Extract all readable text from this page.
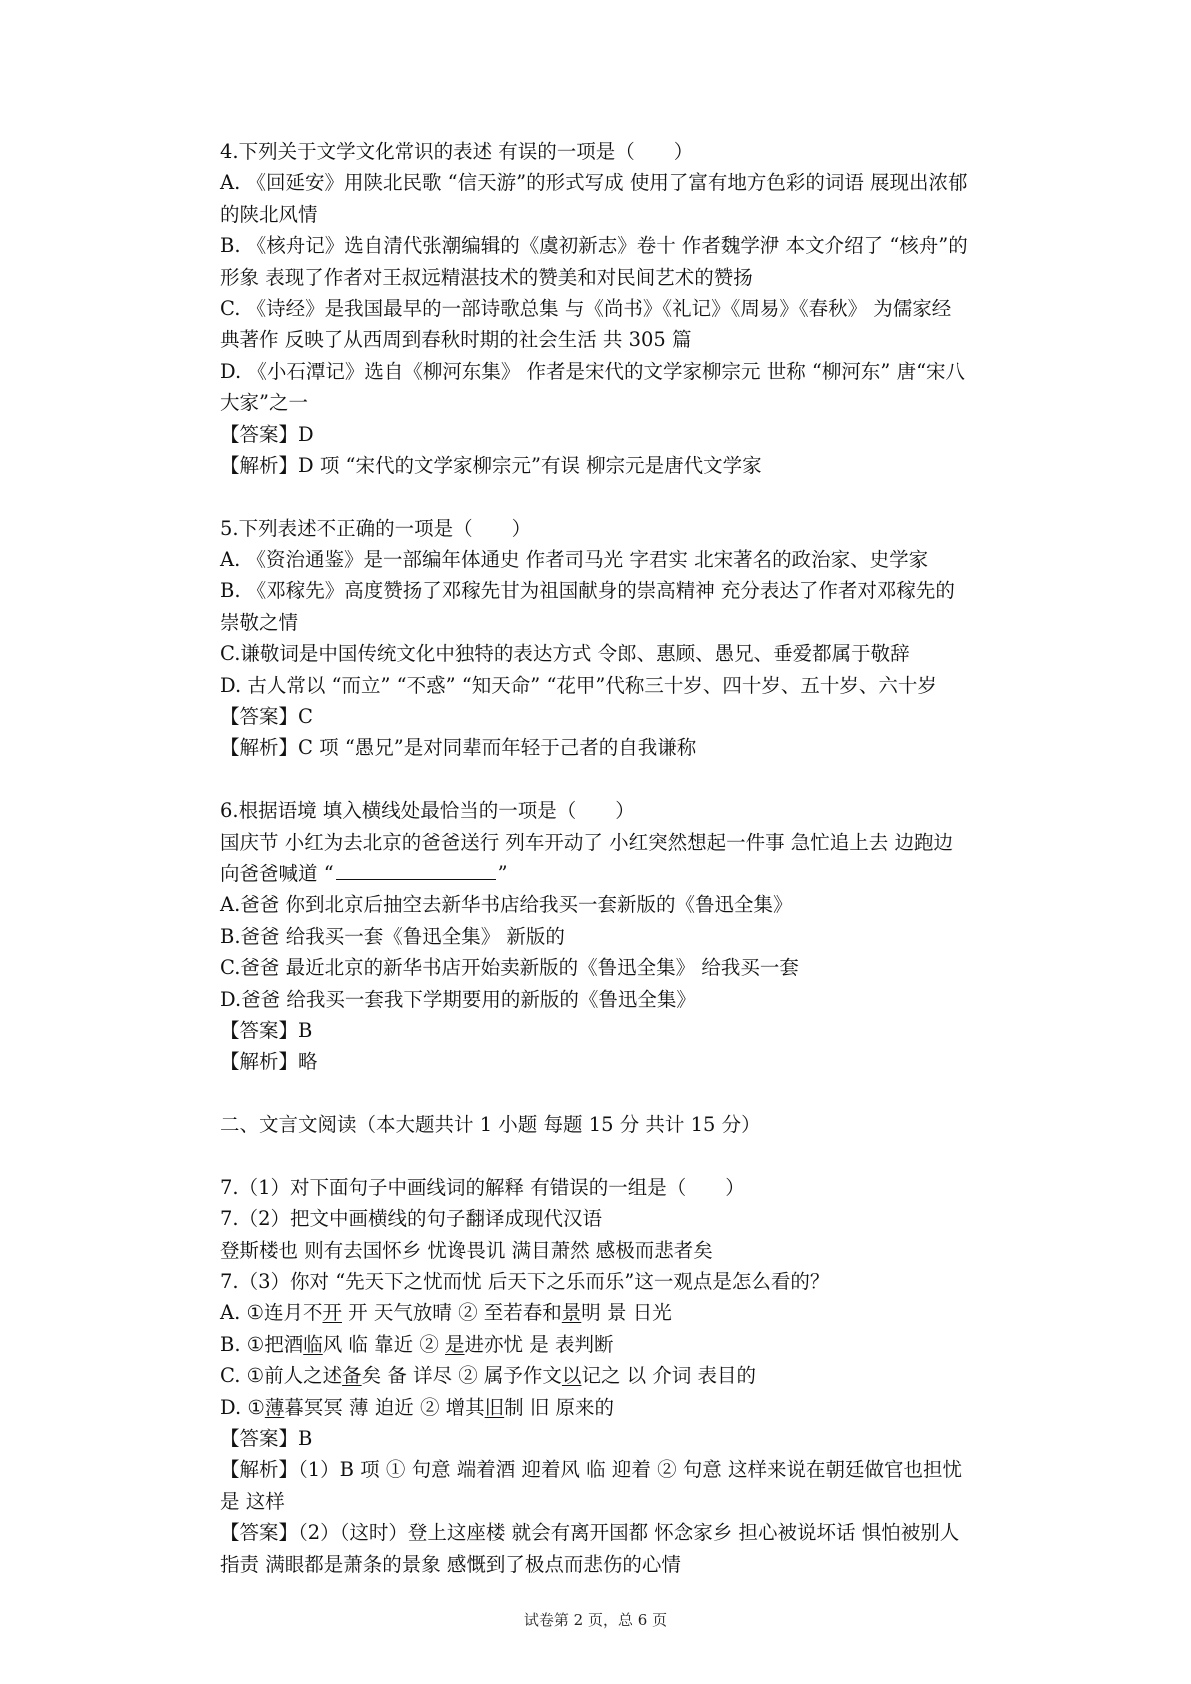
4.下列关于文学文化常识的表述 有误的一项是（　　）
A. 《回延安》用陕北民歌 “信天游”的形式写成 使用了富有地方色彩的词语 展现出浓郁
的陕北风情
B. 《核舟记》选自清代张潮编辑的《虞初新志》卷十 作者魏学洢 本文介绍了 “核舟”的
形象 表现了作者对王叔远精湛技术的赞美和对民间艺术的赞扬
C. 《诗经》是我国最早的一部诗歌总集 与《尚书》《礼记》《周易》《春秋》 为儒家经
典著作 反映了从西周到春秋时期的社会生活 共 305 篇
D. 《小石潭记》选自《柳河东集》 作者是宋代的文学家柳宗元 世称 “柳河东” 唐“宋八
大家”之一
【答案】D
【解析】D 项 “宋代的文学家柳宗元”有误 柳宗元是唐代文学家
5.下列表述不正确的一项是（　　）
A. 《资治通鉴》是一部编年体通史 作者司马光 字君实 北宋著名的政治家、史学家
B. 《邓稼先》高度赞扬了邓稼先甘为祖国献身的崇高精神 充分表达了作者对邓稼先的
崇敬之情
C.谦敬词是中国传统文化中独特的表达方式 令郎、惠顾、愚兄、垂爱都属于敬辞
D. 古人常以 “而立” “不惑” “知天命” “花甲”代称三十岁、四十岁、五十岁、六十岁
【答案】C
【解析】C 项 “愚兄”是对同辈而年轻于己者的自我谦称
6.根据语境 填入横线处最恰当的一项是（　　）
国庆节 小红为去北京的爸爸送行 列车开动了 小红突然想起一件事 急忙追上去 边跑边
向爸爸喊道 “	”
A.爸爸 你到北京后抽空去新华书店给我买一套新版的《鲁迅全集》
B.爸爸 给我买一套《鲁迅全集》 新版的
C.爸爸 最近北京的新华书店开始卖新版的《鲁迅全集》 给我买一套
D.爸爸 给我买一套我下学期要用的新版的《鲁迅全集》
【答案】B
【解析】略
二、文言文阅读（本大题共计 1 小题 每题 15 分 共计 15 分）
7.（1）对下面句子中画线词的解释 有错误的一组是（　　）
7.（2）把文中画横线的句子翻译成现代汉语
登斯楼也 则有去国怀乡 忧谗畏讥 满目萧然 感极而悲者矣
7.（3）你对 “先天下之忧而忧 后天下之乐而乐”这一观点是怎么看的？
A. ①连月不开 开 天气放晴 ② 至若春和景明 景 日光
B. ①把酒临风 临 靠近 ② 是进亦忧 是 表判断
C. ①前人之述备矣 备 详尽 ② 属予作文以记之 以 介词 表目的
D. ①薄暮冥冥 薄 迫近 ② 增其旧制 旧 原来的
【答案】B
【解析】（1）B 项 ① 句意 端着酒 迎着风 临 迎着 ② 句意 这样来说在朝廷做官也担忧
是 这样
【答案】（2）（这时）登上这座楼 就会有离开国都 怀念家乡 担心被说坏话 惧怕被别人
指责 满眼都是萧条的景象 感慨到了极点而悲伤的心情
试卷第 2 页，总 6 页
